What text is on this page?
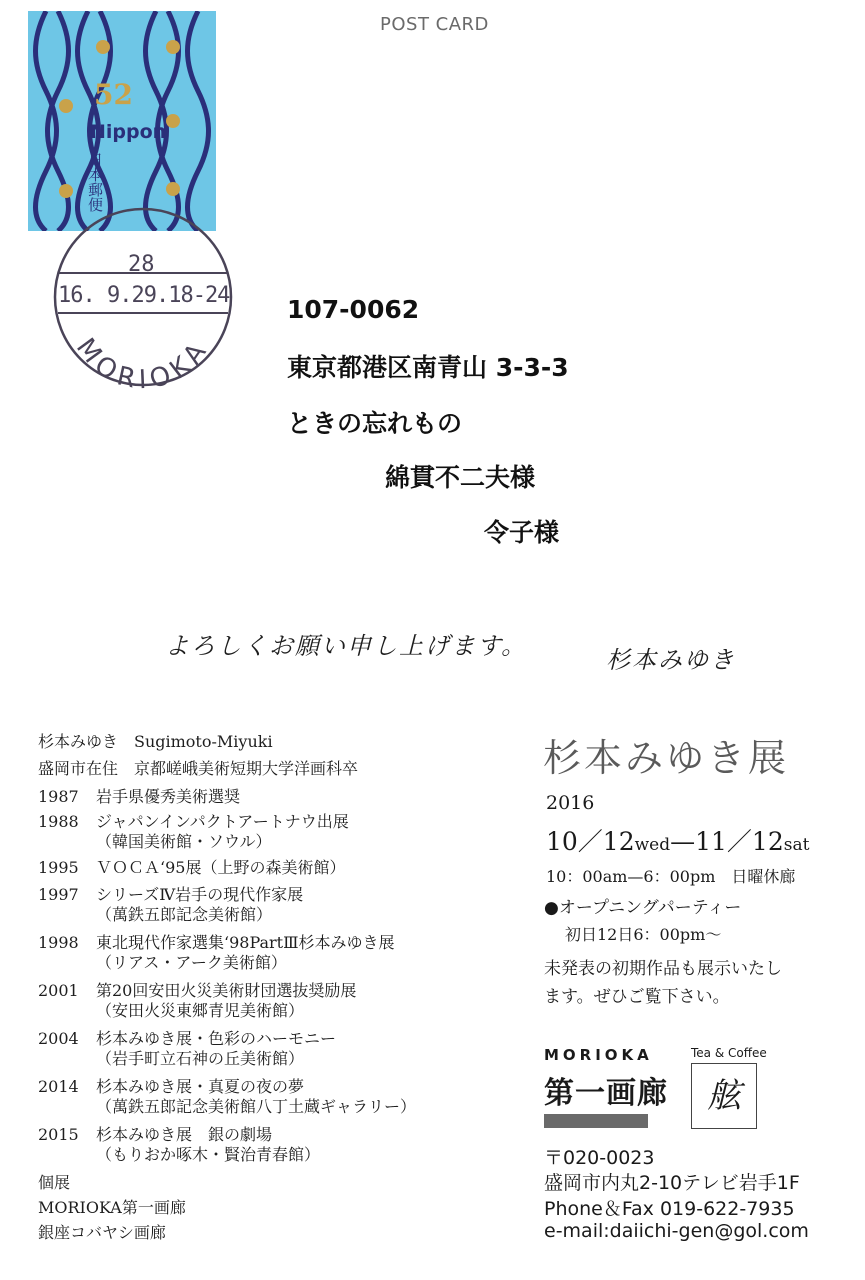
POST CARD
52
Nippon
日本郵便
MORIOKA
28
16. 9.29.18-24 107-0062
東京都港区南青山 3-3-3
ときの忘れもの
綿貫不二夫様
令子様
よろしくお願い申し上げます。	杉本みゆき
杉本みゆき　Sugimoto-Miyuki
盛岡市在住　京都嵯峨美術短期大学洋画科卒
1987 岩手県優秀美術選奨
1988 ジャパンインパクトアートナウ出展
（韓国美術館・ソウル）
1995 ＶＯＣＡ‘95展（上野の森美術館）
1997 シリーズⅣ岩手の現代作家展
（萬鉄五郎記念美術館）
1998 東北現代作家選集‘98PartⅢ杉本みゆき展
（リアス・アーク美術館）
2001 第20回安田火災美術財団選抜奨励展
（安田火災東郷青児美術館）
2004 杉本みゆき展・色彩のハーモニー
（岩手町立石神の丘美術館）
2014 杉本みゆき展・真夏の夜の夢
（萬鉄五郎記念美術館八丁土蔵ギャラリー）
2015 杉本みゆき展　銀の劇場
（もりおか啄木・賢治青春館）
個展
MORIOKA第一画廊
銀座コバヤシ画廊
杉本みゆき展
2016
10／12wed—11／12sat
10：00am—6：00pm　日曜休廊
●オープニングパーティー
初日12日6：00pm～
未発表の初期作品も展示いたし
ます。ぜひご覧下さい。
MORIOKA
第一画廊
Tea & Coffee
舷
〒020-0023
盛岡市内丸2-10テレビ岩手1F
Phone＆Fax 019-622-7935
e-mail:daiichi-gen@gol.com
